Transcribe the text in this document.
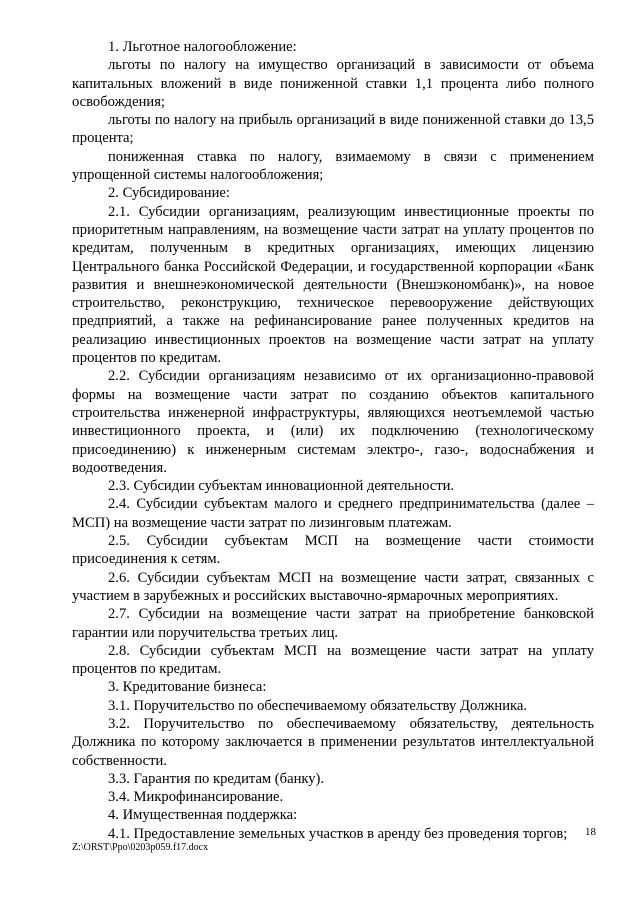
1. Льготное налогообложение:

льготы по налогу на имущество организаций в зависимости от объема капитальных вложений в виде пониженной ставки 1,1 процента либо полного освобождения;

льготы по налогу на прибыль организаций в виде пониженной ставки до 13,5 процента;

пониженная ставка по налогу, взимаемому в связи с применением упрощенной системы налогообложения;

2. Субсидирование:

2.1. Субсидии организациям, реализующим инвестиционные проекты по приоритетным направлениям, на возмещение части затрат на уплату процентов по кредитам, полученным в кредитных организациях, имеющих лицензию Центрального банка Российской Федерации, и государственной корпорации «Банк развития и внешнеэкономической деятельности (Внешэкономбанк)», на новое строительство, реконструкцию, техническое перевооружение действующих предприятий, а также на рефинансирование ранее полученных кредитов на реализацию инвестиционных проектов на возмещение части затрат на уплату процентов по кредитам.

2.2. Субсидии организациям независимо от их организационно-правовой формы на возмещение части затрат по созданию объектов капитального строительства инженерной инфраструктуры, являющихся неотъемлемой частью инвестиционного проекта, и (или) их подключению (технологическому присоединению) к инженерным системам электро-, газо-, водоснабжения и водоотведения.

2.3. Субсидии субъектам инновационной деятельности.

2.4. Субсидии субъектам малого и среднего предпринимательства (далее – МСП) на возмещение части затрат по лизинговым платежам.

2.5. Субсидии субъектам МСП на возмещение части стоимости присоединения к сетям.

2.6. Субсидии субъектам МСП на возмещение части затрат, связанных с участием в зарубежных и российских выставочно-ярмарочных мероприятиях.

2.7. Субсидии на возмещение части затрат на приобретение банковской гарантии или поручительства третьих лиц.

2.8. Субсидии субъектам МСП на возмещение части затрат на уплату процентов по кредитам.

3. Кредитование бизнеса:

3.1. Поручительство по обеспечиваемому обязательству Должника.

3.2. Поручительство по обеспечиваемому обязательству, деятельность Должника по которому заключается в применении результатов интеллектуальной собственности.

3.3. Гарантия по кредитам (банку).

3.4. Микрофинансирование.

4. Имущественная поддержка:

4.1. Предоставление земельных участков в аренду без проведения торгов;	18
Z:\ORST\Ppo\0203p059.f17.docx
